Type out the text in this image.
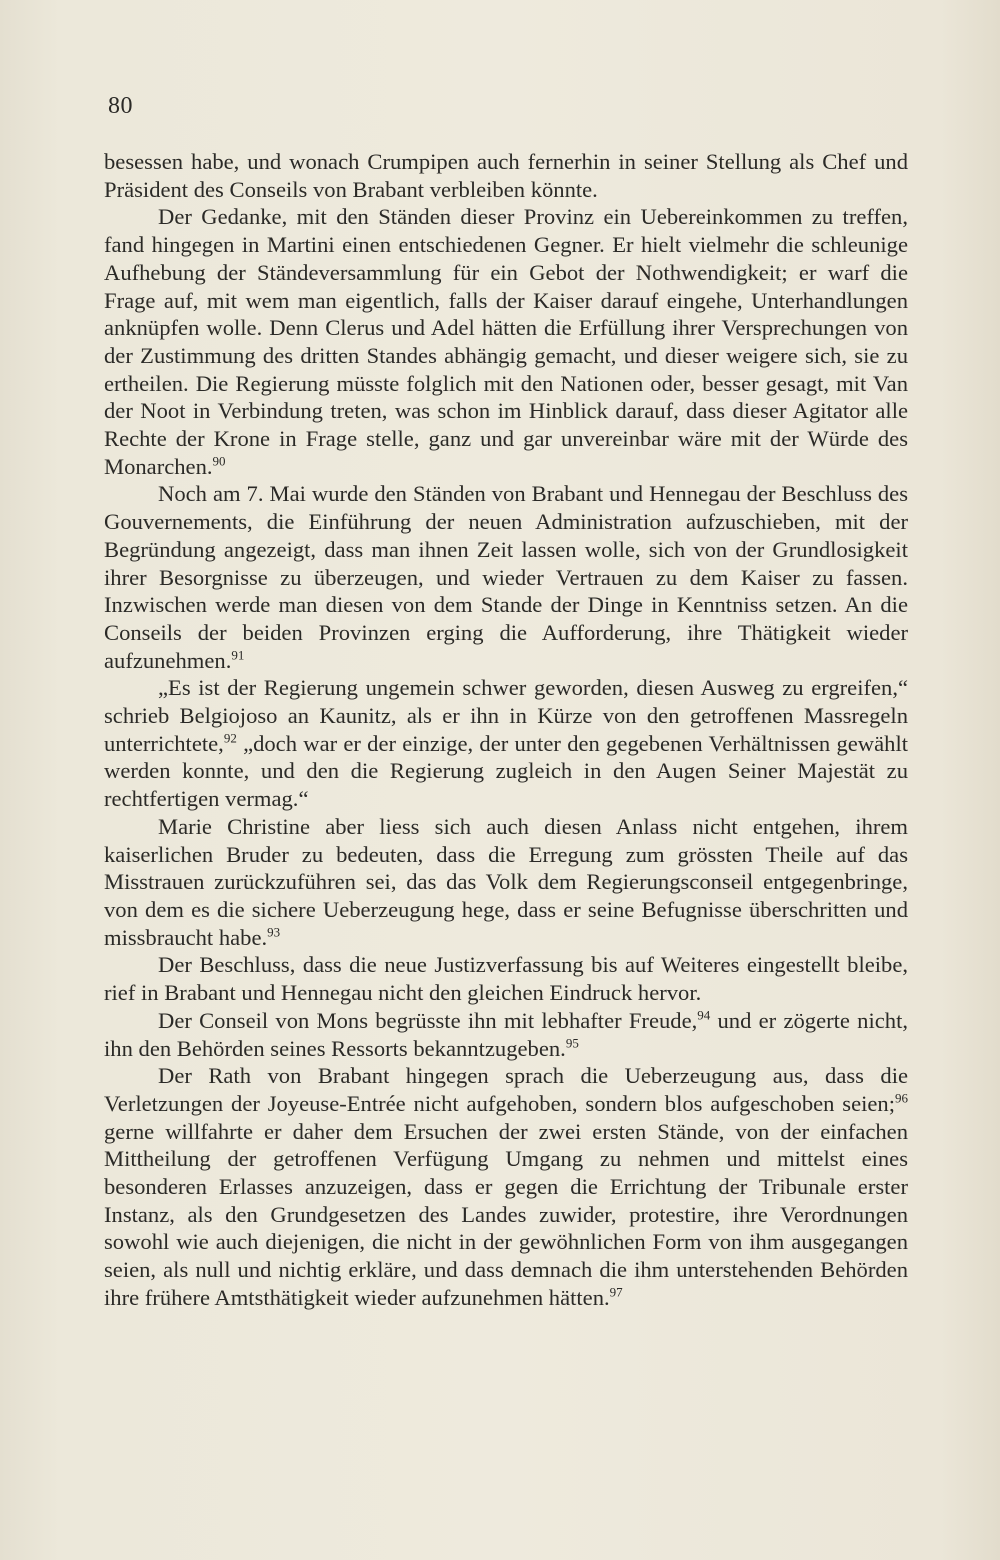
80

besessen habe, und wonach Crumpipen auch fernerhin in seiner Stellung als Chef und Präsident des Conseils von Brabant verbleiben könnte.

Der Gedanke, mit den Ständen dieser Provinz ein Uebereinkommen zu treffen, fand hingegen in Martini einen entschiedenen Gegner. Er hielt vielmehr die schleunige Aufhebung der Ständeversammlung für ein Gebot der Nothwendigkeit; er warf die Frage auf, mit wem man eigentlich, falls der Kaiser darauf eingehe, Unterhandlungen anknüpfen wolle. Denn Clerus und Adel hätten die Erfüllung ihrer Versprechungen von der Zustimmung des dritten Standes abhängig gemacht, und dieser weigere sich, sie zu ertheilen. Die Regierung müsste folglich mit den Nationen oder, besser gesagt, mit Van der Noot in Verbindung treten, was schon im Hinblick darauf, dass dieser Agitator alle Rechte der Krone in Frage stelle, ganz und gar unvereinbar wäre mit der Würde des Monarchen.$^{90}$

Noch am 7. Mai wurde den Ständen von Brabant und Hennegau der Beschluss des Gouvernements, die Einführung der neuen Administration aufzuschieben, mit der Begründung angezeigt, dass man ihnen Zeit lassen wolle, sich von der Grundlosigkeit ihrer Besorgnisse zu überzeugen, und wieder Vertrauen zu dem Kaiser zu fassen. Inzwischen werde man diesen von dem Stande der Dinge in Kenntniss setzen. An die Conseils der beiden Provinzen erging die Aufforderung, ihre Thätigkeit wieder aufzunehmen.$^{91}$

„Es ist der Regierung ungemein schwer geworden, diesen Ausweg zu ergreifen,“ schrieb Belgiojoso an Kaunitz, als er ihn in Kürze von den getroffenen Massregeln unterrichtete,$^{92}$ „doch war er der einzige, der unter den gegebenen Verhältnissen gewählt werden konnte, und den die Regierung zugleich in den Augen Seiner Majestät zu rechtfertigen vermag.“

Marie Christine aber liess sich auch diesen Anlass nicht entgehen, ihrem kaiserlichen Bruder zu bedeuten, dass die Erregung zum grössten Theile auf das Misstrauen zurückzuführen sei, das das Volk dem Regierungsconseil entgegenbringe, von dem es die sichere Ueberzeugung hege, dass er seine Befugnisse überschritten und missbraucht habe.$^{93}$

Der Beschluss, dass die neue Justizverfassung bis auf Weiteres eingestellt bleibe, rief in Brabant und Hennegau nicht den gleichen Eindruck hervor.

Der Conseil von Mons begrüsste ihn mit lebhafter Freude,$^{94}$ und er zögerte nicht, ihn den Behörden seines Ressorts bekanntzugeben.$^{95}$

Der Rath von Brabant hingegen sprach die Ueberzeugung aus, dass die Verletzungen der Joyeuse-Entrée nicht aufgehoben, sondern blos aufgeschoben seien;$^{96}$ gerne willfahrte er daher dem Ersuchen der zwei ersten Stände, von der einfachen Mittheilung der getroffenen Verfügung Umgang zu nehmen und mittelst eines besonderen Erlasses anzuzeigen, dass er gegen die Errichtung der Tribunale erster Instanz, als den Grundgesetzen des Landes zuwider, protestire, ihre Verordnungen sowohl wie auch diejenigen, die nicht in der gewöhnlichen Form von ihm ausgegangen seien, als null und nichtig erkläre, und dass demnach die ihm unterstehenden Behörden ihre frühere Amtsthätigkeit wieder aufzunehmen hätten.$^{97}$
